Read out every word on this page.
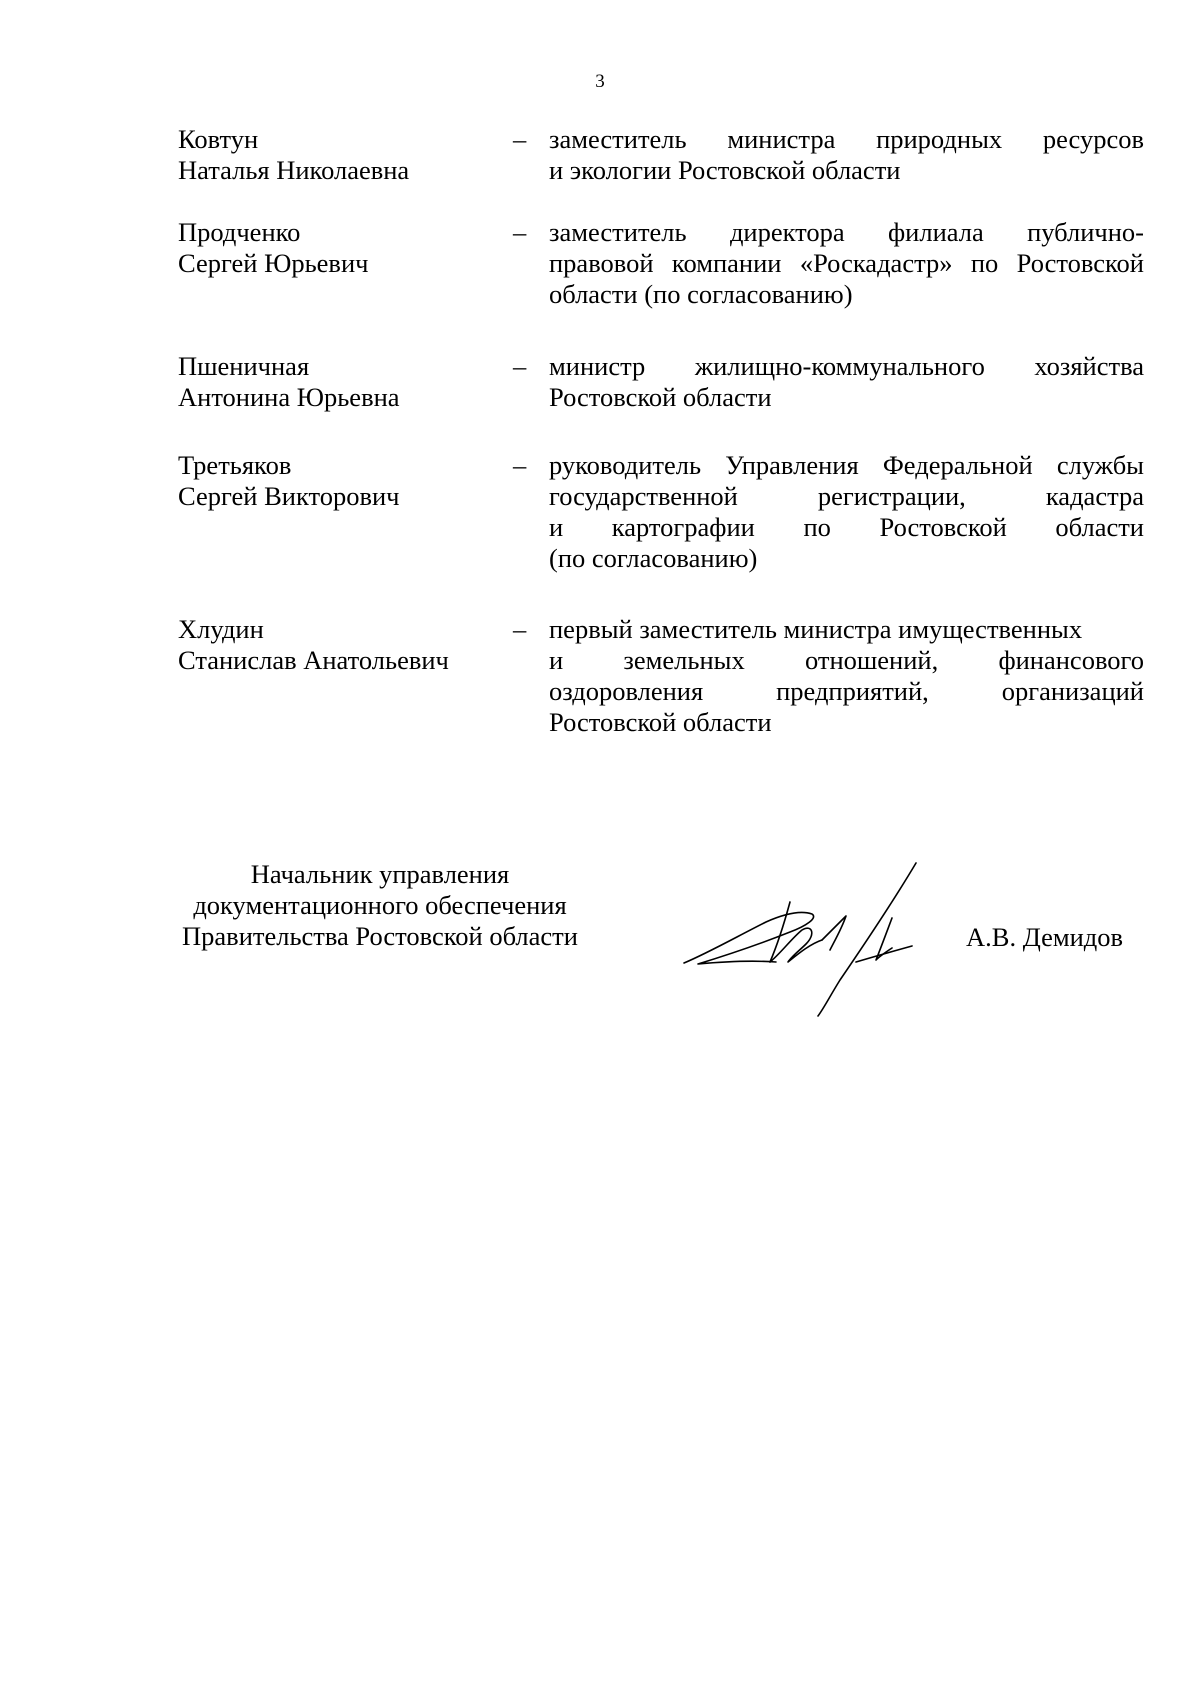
3
Ковтун
Наталья Николаевна
– заместитель министра природных ресурсов
и экологии Ростовской области
Продченко
Сергей Юрьевич
– заместитель директора филиала публично-
правовой компании «Роскадастр» по Ростовской
области (по согласованию)
Пшеничная
Антонина Юрьевна
– министр жилищно-коммунального хозяйства
Ростовской области
Третьяков
Сергей Викторович
– руководитель Управления Федеральной службы
государственной регистрации, кадастра
и картографии по Ростовской области
(по согласованию)
Хлудин
Станислав Анатольевич
– первый заместитель министра имущественных
и земельных отношений, финансового
оздоровления предприятий, организаций
Ростовской области
Начальник управления
документационного обеспечения
Правительства Ростовской области	А.В. Демидов
